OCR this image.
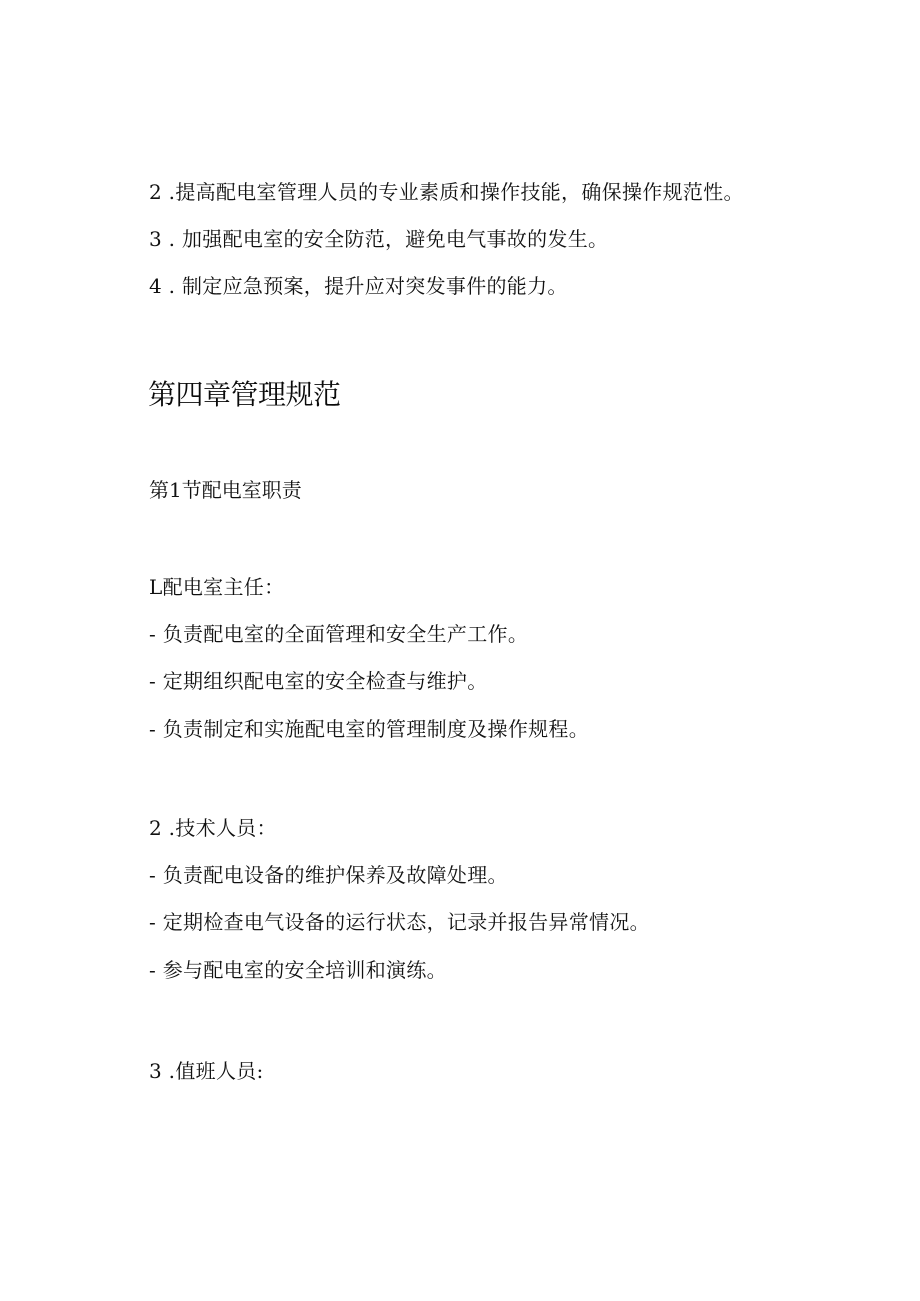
2 .提高配电室管理人员的专业素质和操作技能，确保操作规范性。
3 . 加强配电室的安全防范，避免电气事故的发生。
4 . 制定应急预案，提升应对突发事件的能力。
第四章管理规范
第1节配电室职责
L配电室主任：
- 负责配电室的全面管理和安全生产工作。
- 定期组织配电室的安全检查与维护。
- 负责制定和实施配电室的管理制度及操作规程。
2 .技术人员：
- 负责配电设备的维护保养及故障处理。
- 定期检查电气设备的运行状态，记录并报告异常情况。
- 参与配电室的安全培训和演练。
3 .值班人员:
